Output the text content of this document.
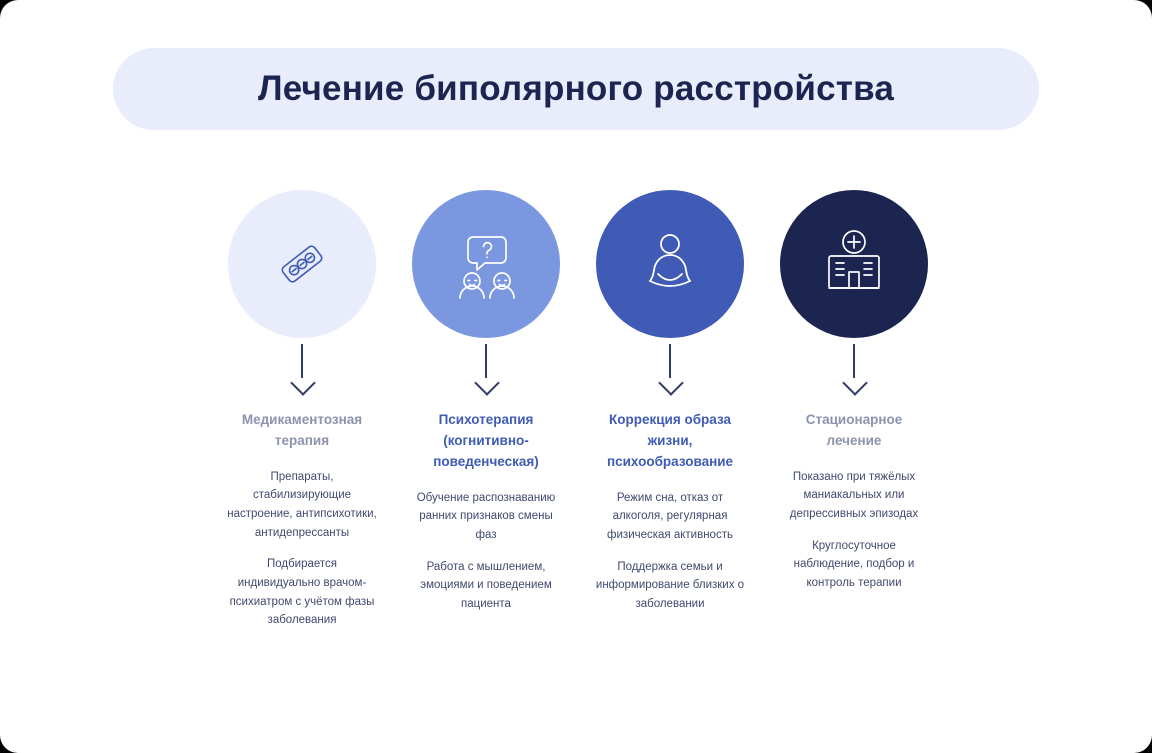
Лечение биполярного расстройства
Медикаментозная терапия

Препараты, стабилизирующие настроение, антипсихотики, антидепрессанты

Подбирается индивидуально врачом-психиатром с учётом фазы заболевания

Психотерапия (когнитивно-поведенческая)

Обучение распознаванию ранних признаков смены фаз

Работа с мышлением, эмоциями и поведением пациента

Коррекция образа жизни, психообразование

Режим сна, отказ от алкоголя, регулярная физическая активность

Поддержка семьи и информирование близких о заболевании

Стационарное лечение

Показано при тяжёлых маниакальных или депрессивных эпизодах

Круглосуточное наблюдение, подбор и контроль терапии
